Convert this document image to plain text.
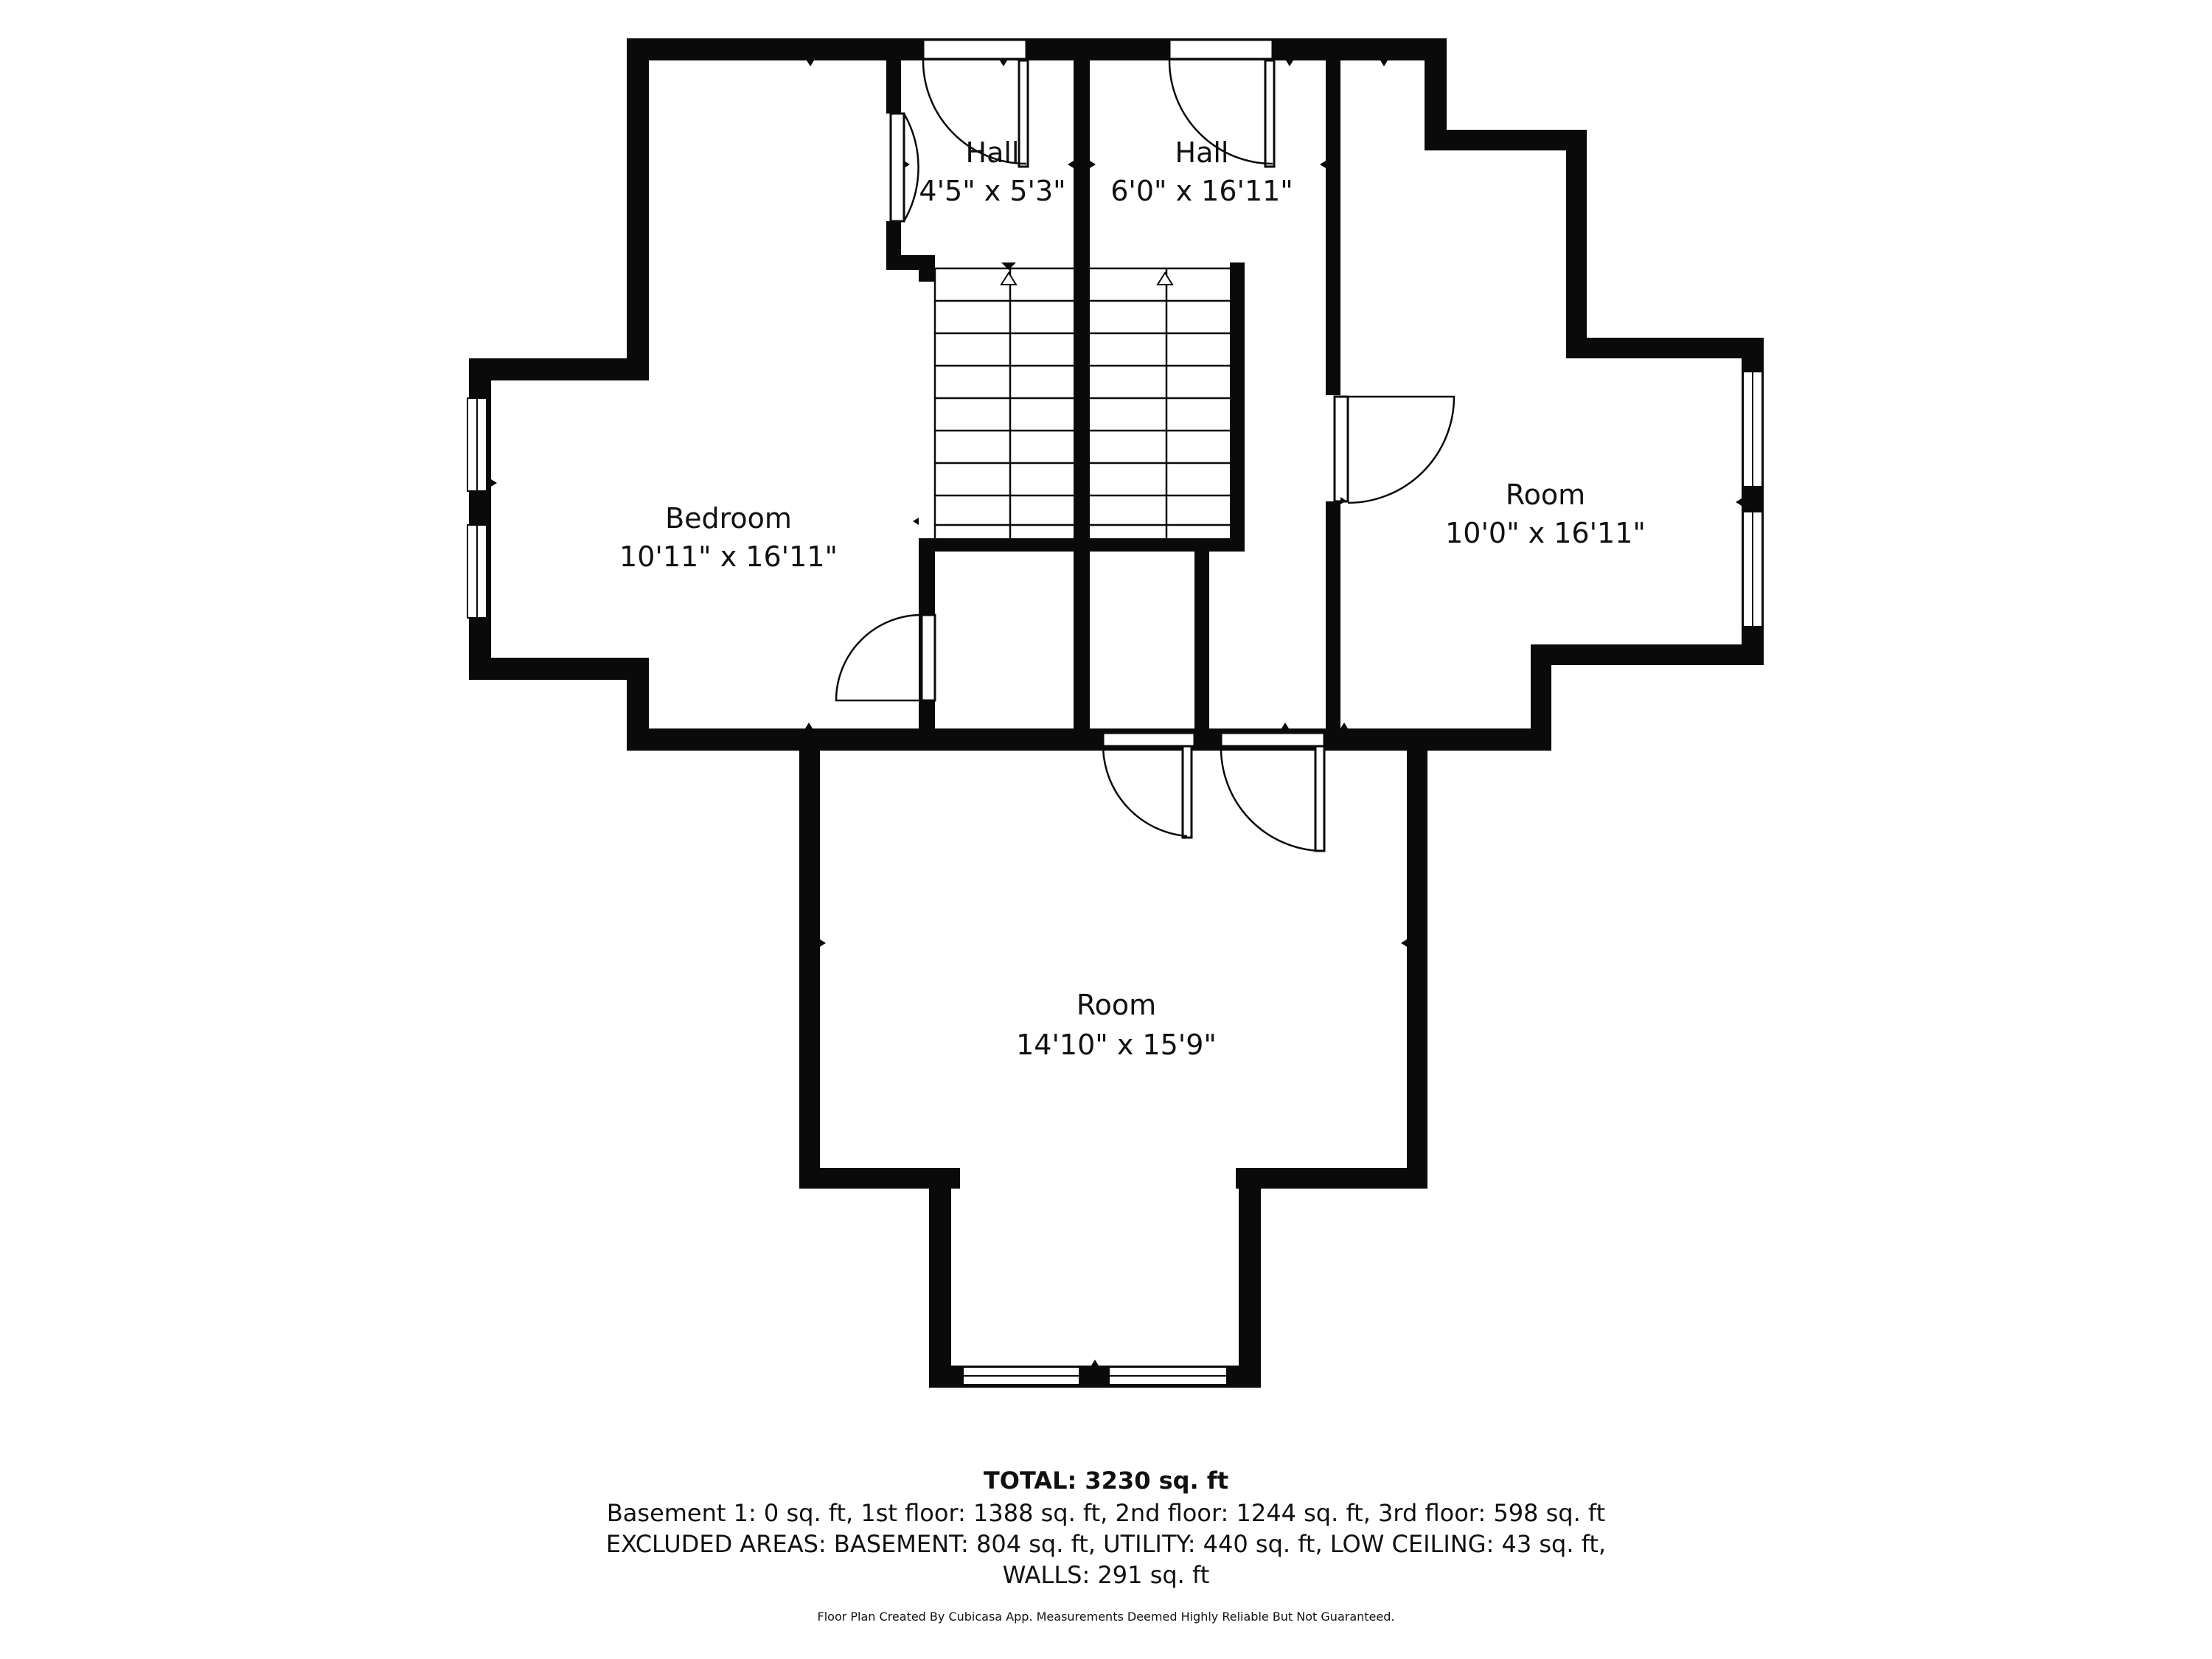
Hall
4'5" x 5'3"
Hall
6'0" x 16'11"
Bedroom
10'11" x 16'11"
Room
10'0" x 16'11"
Room
14'10" x 15'9"
TOTAL: 3230 sq. ft
Basement 1: 0 sq. ft, 1st floor: 1388 sq. ft, 2nd floor: 1244 sq. ft, 3rd floor: 598 sq. ft
EXCLUDED AREAS: BASEMENT: 804 sq. ft, UTILITY: 440 sq. ft, LOW CEILING: 43 sq. ft,
WALLS: 291 sq. ft
Floor Plan Created By Cubicasa App. Measurements Deemed Highly Reliable But Not Guaranteed.
